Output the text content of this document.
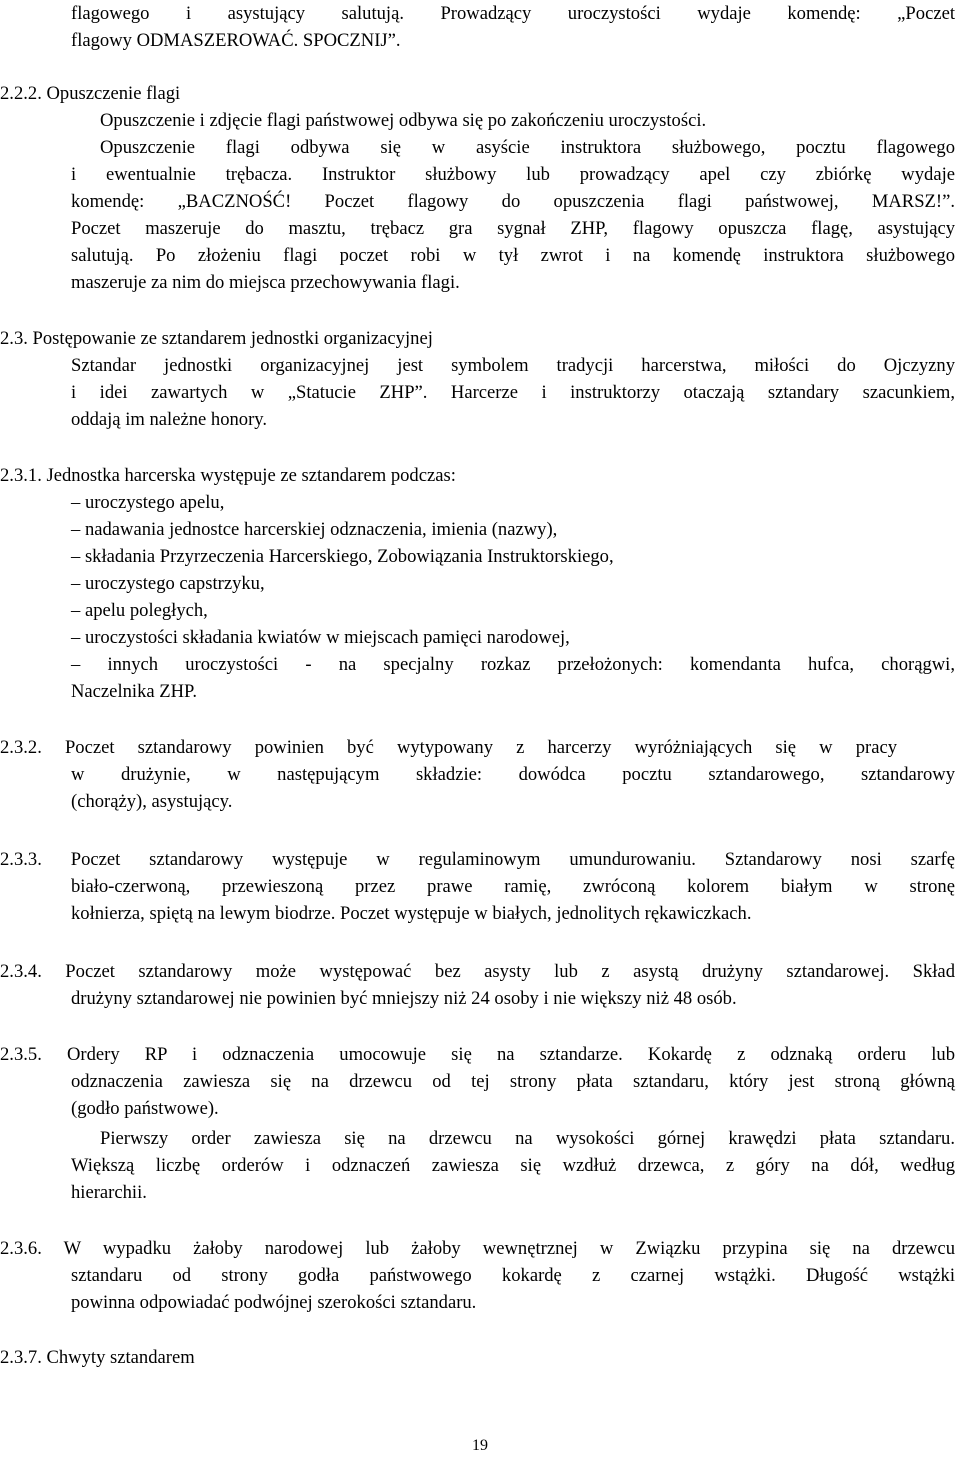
flagowego i asystujący salutują. Prowadzący uroczystości wydaje komendę: „Poczet
flagowy ODMASZEROWAĆ. SPOCZNIJ”.
2.2.2. Opuszczenie flagi
Opuszczenie i zdjęcie flagi państwowej odbywa się po zakończeniu uroczystości.
Opuszczenie flagi odbywa się w asyście instruktora służbowego, pocztu flagowego
i ewentualnie trębacza. Instruktor służbowy lub prowadzący apel czy zbiórkę wydaje
komendę: „BACZNOŚĆ! Poczet flagowy do opuszczenia flagi państwowej, MARSZ!”.
Poczet maszeruje do masztu, trębacz gra sygnał ZHP, flagowy opuszcza flagę, asystujący
salutują. Po złożeniu flagi poczet robi w tył zwrot i na komendę instruktora służbowego
maszeruje za nim do miejsca przechowywania flagi.
2.3. Postępowanie ze sztandarem jednostki organizacyjnej
Sztandar jednostki organizacyjnej jest symbolem tradycji harcerstwa, miłości do Ojczyzny
i idei zawartych w „Statucie ZHP”. Harcerze i instruktorzy otaczają sztandary szacunkiem,
oddają im należne honory.
2.3.1. Jednostka harcerska występuje ze sztandarem podczas:
– uroczystego apelu,
– nadawania jednostce harcerskiej odznaczenia, imienia (nazwy),
– składania Przyrzeczenia Harcerskiego, Zobowiązania Instruktorskiego,
– uroczystego capstrzyku,
– apelu poległych,
– uroczystości składania kwiatów w miejscach pamięci narodowej,
– innych uroczystości - na specjalny rozkaz przełożonych: komendanta hufca, chorągwi,
Naczelnika ZHP.
2.3.2. Poczet sztandarowy powinien być wytypowany z harcerzy wyróżniających się w pracy
w drużynie, w następującym składzie: dowódca pocztu sztandarowego, sztandarowy
(chorąży), asystujący.
2.3.3. Poczet sztandarowy występuje w regulaminowym umundurowaniu. Sztandarowy nosi szarfę
biało-czerwoną, przewieszoną przez prawe ramię, zwróconą kolorem białym w stronę
kołnierza, spiętą na lewym biodrze. Poczet występuje w białych, jednolitych rękawiczkach.
2.3.4. Poczet sztandarowy może występować bez asysty lub z asystą drużyny sztandarowej. Skład
drużyny sztandarowej nie powinien być mniejszy niż 24 osoby i nie większy niż 48 osób.
2.3.5. Ordery RP i odznaczenia umocowuje się na sztandarze. Kokardę z odznaką orderu lub
odznaczenia zawiesza się na drzewcu od tej strony płata sztandaru, który jest stroną główną
(godło państwowe).
Pierwszy order zawiesza się na drzewcu na wysokości górnej krawędzi płata sztandaru.
Większą liczbę orderów i odznaczeń zawiesza się wzdłuż drzewca, z góry na dół, według
hierarchii.
2.3.6. W wypadku żałoby narodowej lub żałoby wewnętrznej w Związku przypina się na drzewcu
sztandaru od strony godła państwowego kokardę z czarnej wstążki. Długość wstążki
powinna odpowiadać podwójnej szerokości sztandaru.
2.3.7. Chwyty sztandarem
19
